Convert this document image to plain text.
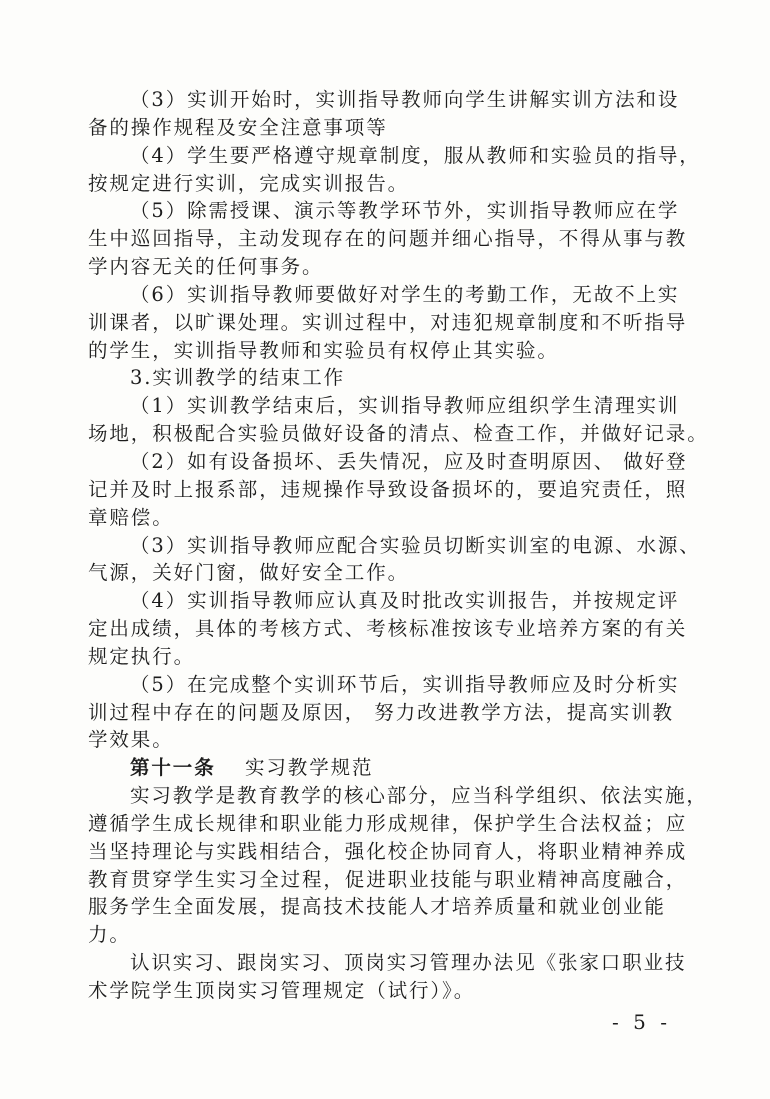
（3）实训开始时，实训指导教师向学生讲解实训方法和设
备的操作规程及安全注意事项等
（4）学生要严格遵守规章制度，服从教师和实验员的指导，
按规定进行实训，完成实训报告。
（5）除需授课、演示等教学环节外，实训指导教师应在学
生中巡回指导，主动发现存在的问题并细心指导，不得从事与教
学内容无关的任何事务。
（6）实训指导教师要做好对学生的考勤工作，无故不上实
训课者，以旷课处理。实训过程中，对违犯规章制度和不听指导
的学生，实训指导教师和实验员有权停止其实验。
3.实训教学的结束工作
（1）实训教学结束后，实训指导教师应组织学生清理实训
场地，积极配合实验员做好设备的清点、检查工作，并做好记录。
（2）如有设备损坏、丢失情况，应及时查明原因、 做好登
记并及时上报系部，违规操作导致设备损坏的，要追究责任，照
章赔偿。
（3）实训指导教师应配合实验员切断实训室的电源、水源、
气源，关好门窗，做好安全工作。
（4）实训指导教师应认真及时批改实训报告，并按规定评
定出成绩，具体的考核方式、考核标准按该专业培养方案的有关
规定执行。
（5）在完成整个实训环节后，实训指导教师应及时分析实
训过程中存在的问题及原因， 努力改进教学方法，提高实训教
学效果。
第十一条 实习教学规范
实习教学是教育教学的核心部分，应当科学组织、依法实施，
遵循学生成长规律和职业能力形成规律，保护学生合法权益；应
当坚持理论与实践相结合，强化校企协同育人，将职业精神养成
教育贯穿学生实习全过程，促进职业技能与职业精神高度融合，
服务学生全面发展，提高技术技能人才培养质量和就业创业能
力。
认识实习、跟岗实习、顶岗实习管理办法见《张家口职业技
术学院学生顶岗实习管理规定（试行）》。
- 5 -
